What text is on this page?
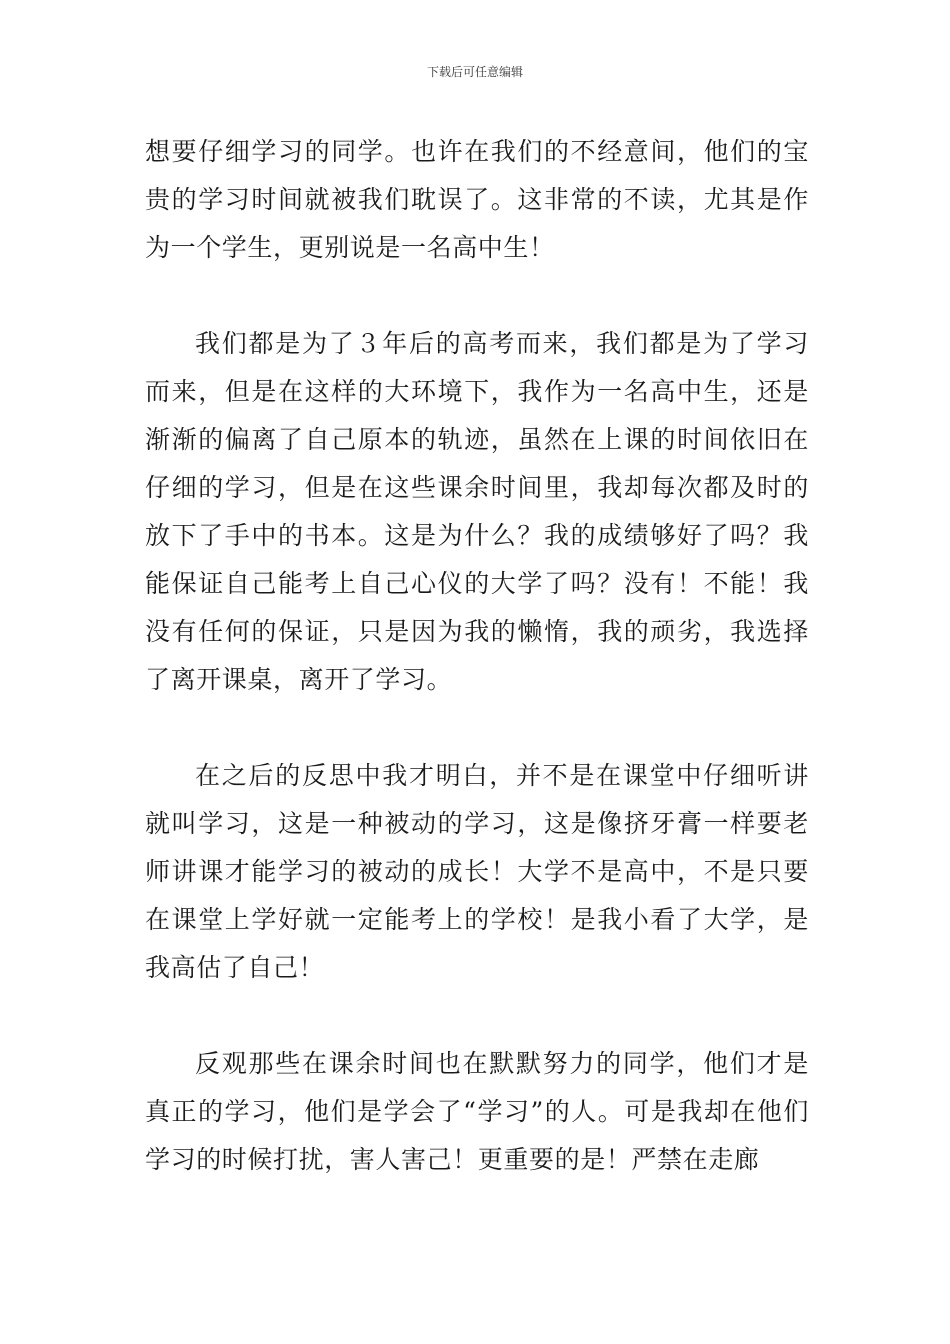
下载后可任意编辑

想要仔细学习的同学。也许在我们的不经意间，他们的宝贵的学习时间就被我们耽误了。这非常的不读，尤其是作为一个学生，更别说是一名高中生！

我们都是为了３年后的高考而来，我们都是为了学习而来，但是在这样的大环境下，我作为一名高中生，还是渐渐的偏离了自己原本的轨迹，虽然在上课的时间依旧在仔细的学习，但是在这些课余时间里，我却每次都及时的放下了手中的书本。这是为什么？我的成绩够好了吗？我能保证自己能考上自己心仪的大学了吗？没有！不能！我没有任何的保证，只是因为我的懒惰，我的顽劣，我选择了离开课桌，离开了学习。

在之后的反思中我才明白，并不是在课堂中仔细听讲就叫学习，这是一种被动的学习，这是像挤牙膏一样要老师讲课才能学习的被动的成长！大学不是高中，不是只要在课堂上学好就一定能考上的学校！是我小看了大学，是我高估了自己！

反观那些在课余时间也在默默努力的同学，他们才是真正的学习，他们是学会了“学习”的人。可是我却在他们学习的时候打扰，害人害己！更重要的是！严禁在走廊
